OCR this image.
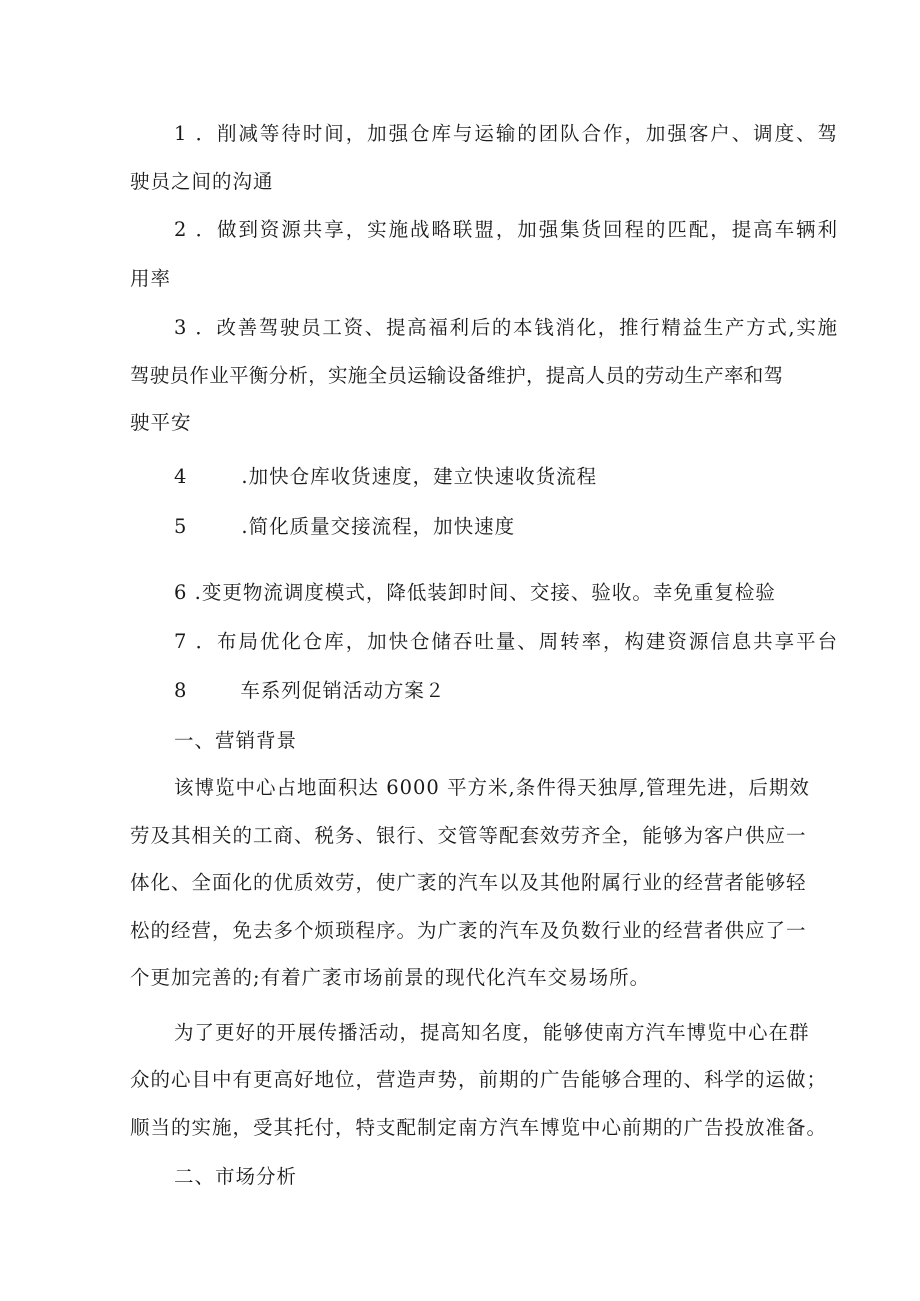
1 ．削减等待时间，加强仓库与运输的团队合作，加强客户、调度、驾
驶员之间的沟通
2 ．做到资源共享，实施战略联盟，加强集货回程的匹配，提高车辆利
用率
3 ．改善驾驶员工资、提高福利后的本钱消化，推行精益生产方式,实施
驾驶员作业平衡分析，实施全员运输设备维护，提高人员的劳动生产率和驾
驶平安
4	.加快仓库收货速度，建立快速收货流程
5	.简化质量交接流程，加快速度
6 .变更物流调度模式，降低装卸时间、交接、验收。幸免重复检验
7 ．布局优化仓库，加快仓储吞吐量、周转率，构建资源信息共享平台
8	车系列促销活动方案２
一、营销背景
该博览中心占地面积达 6000 平方米,条件得天独厚,管理先进，后期效
劳及其相关的工商、税务、银行、交管等配套效劳齐全，能够为客户供应一
体化、全面化的优质效劳，使广袤的汽车以及其他附属行业的经营者能够轻
松的经营，免去多个烦琐程序。为广袤的汽车及负数行业的经营者供应了一
个更加完善的;有着广袤市场前景的现代化汽车交易场所。
为了更好的开展传播活动，提高知名度，能够使南方汽车博览中心在群
众的心目中有更高好地位，营造声势，前期的广告能够合理的、科学的运做；
顺当的实施，受其托付，特支配制定南方汽车博览中心前期的广告投放准备。
二、市场分析
